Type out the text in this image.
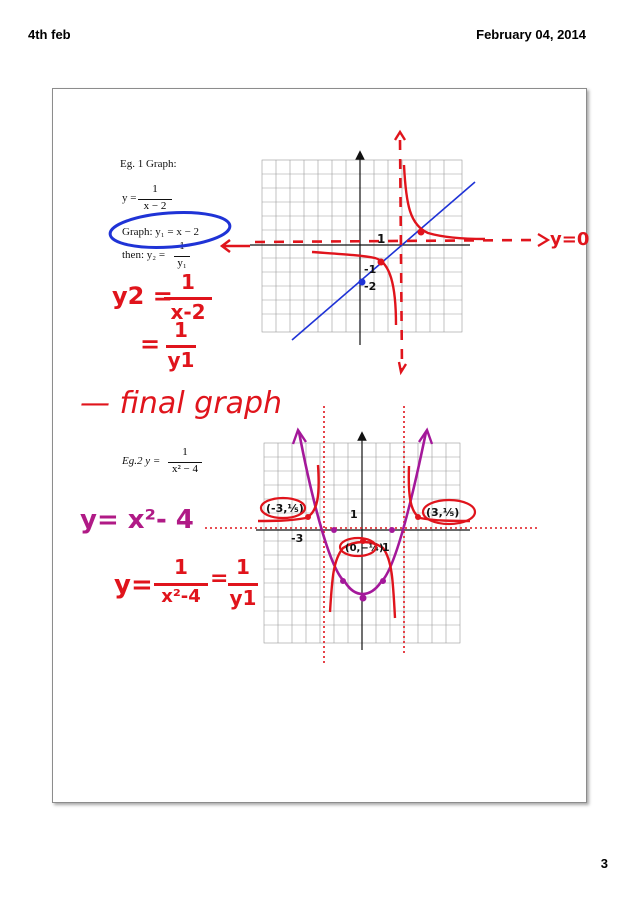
4th feb	February 04, 2014
Eg. 1 Graph:
y =
1
x − 2
Graph: y₁ = x − 2
then: y₂ =
1
y₁
Eg.2 y =
1
x² − 4
y2 = 1
x-2
= 1
y1
— final graph
y= x²- 4
y=
1
x²-4
= 1
y1
1
-1
-2
y=0
(-3,⅕)	(3,⅕)
(0,−¼)
-3
1
1
3
